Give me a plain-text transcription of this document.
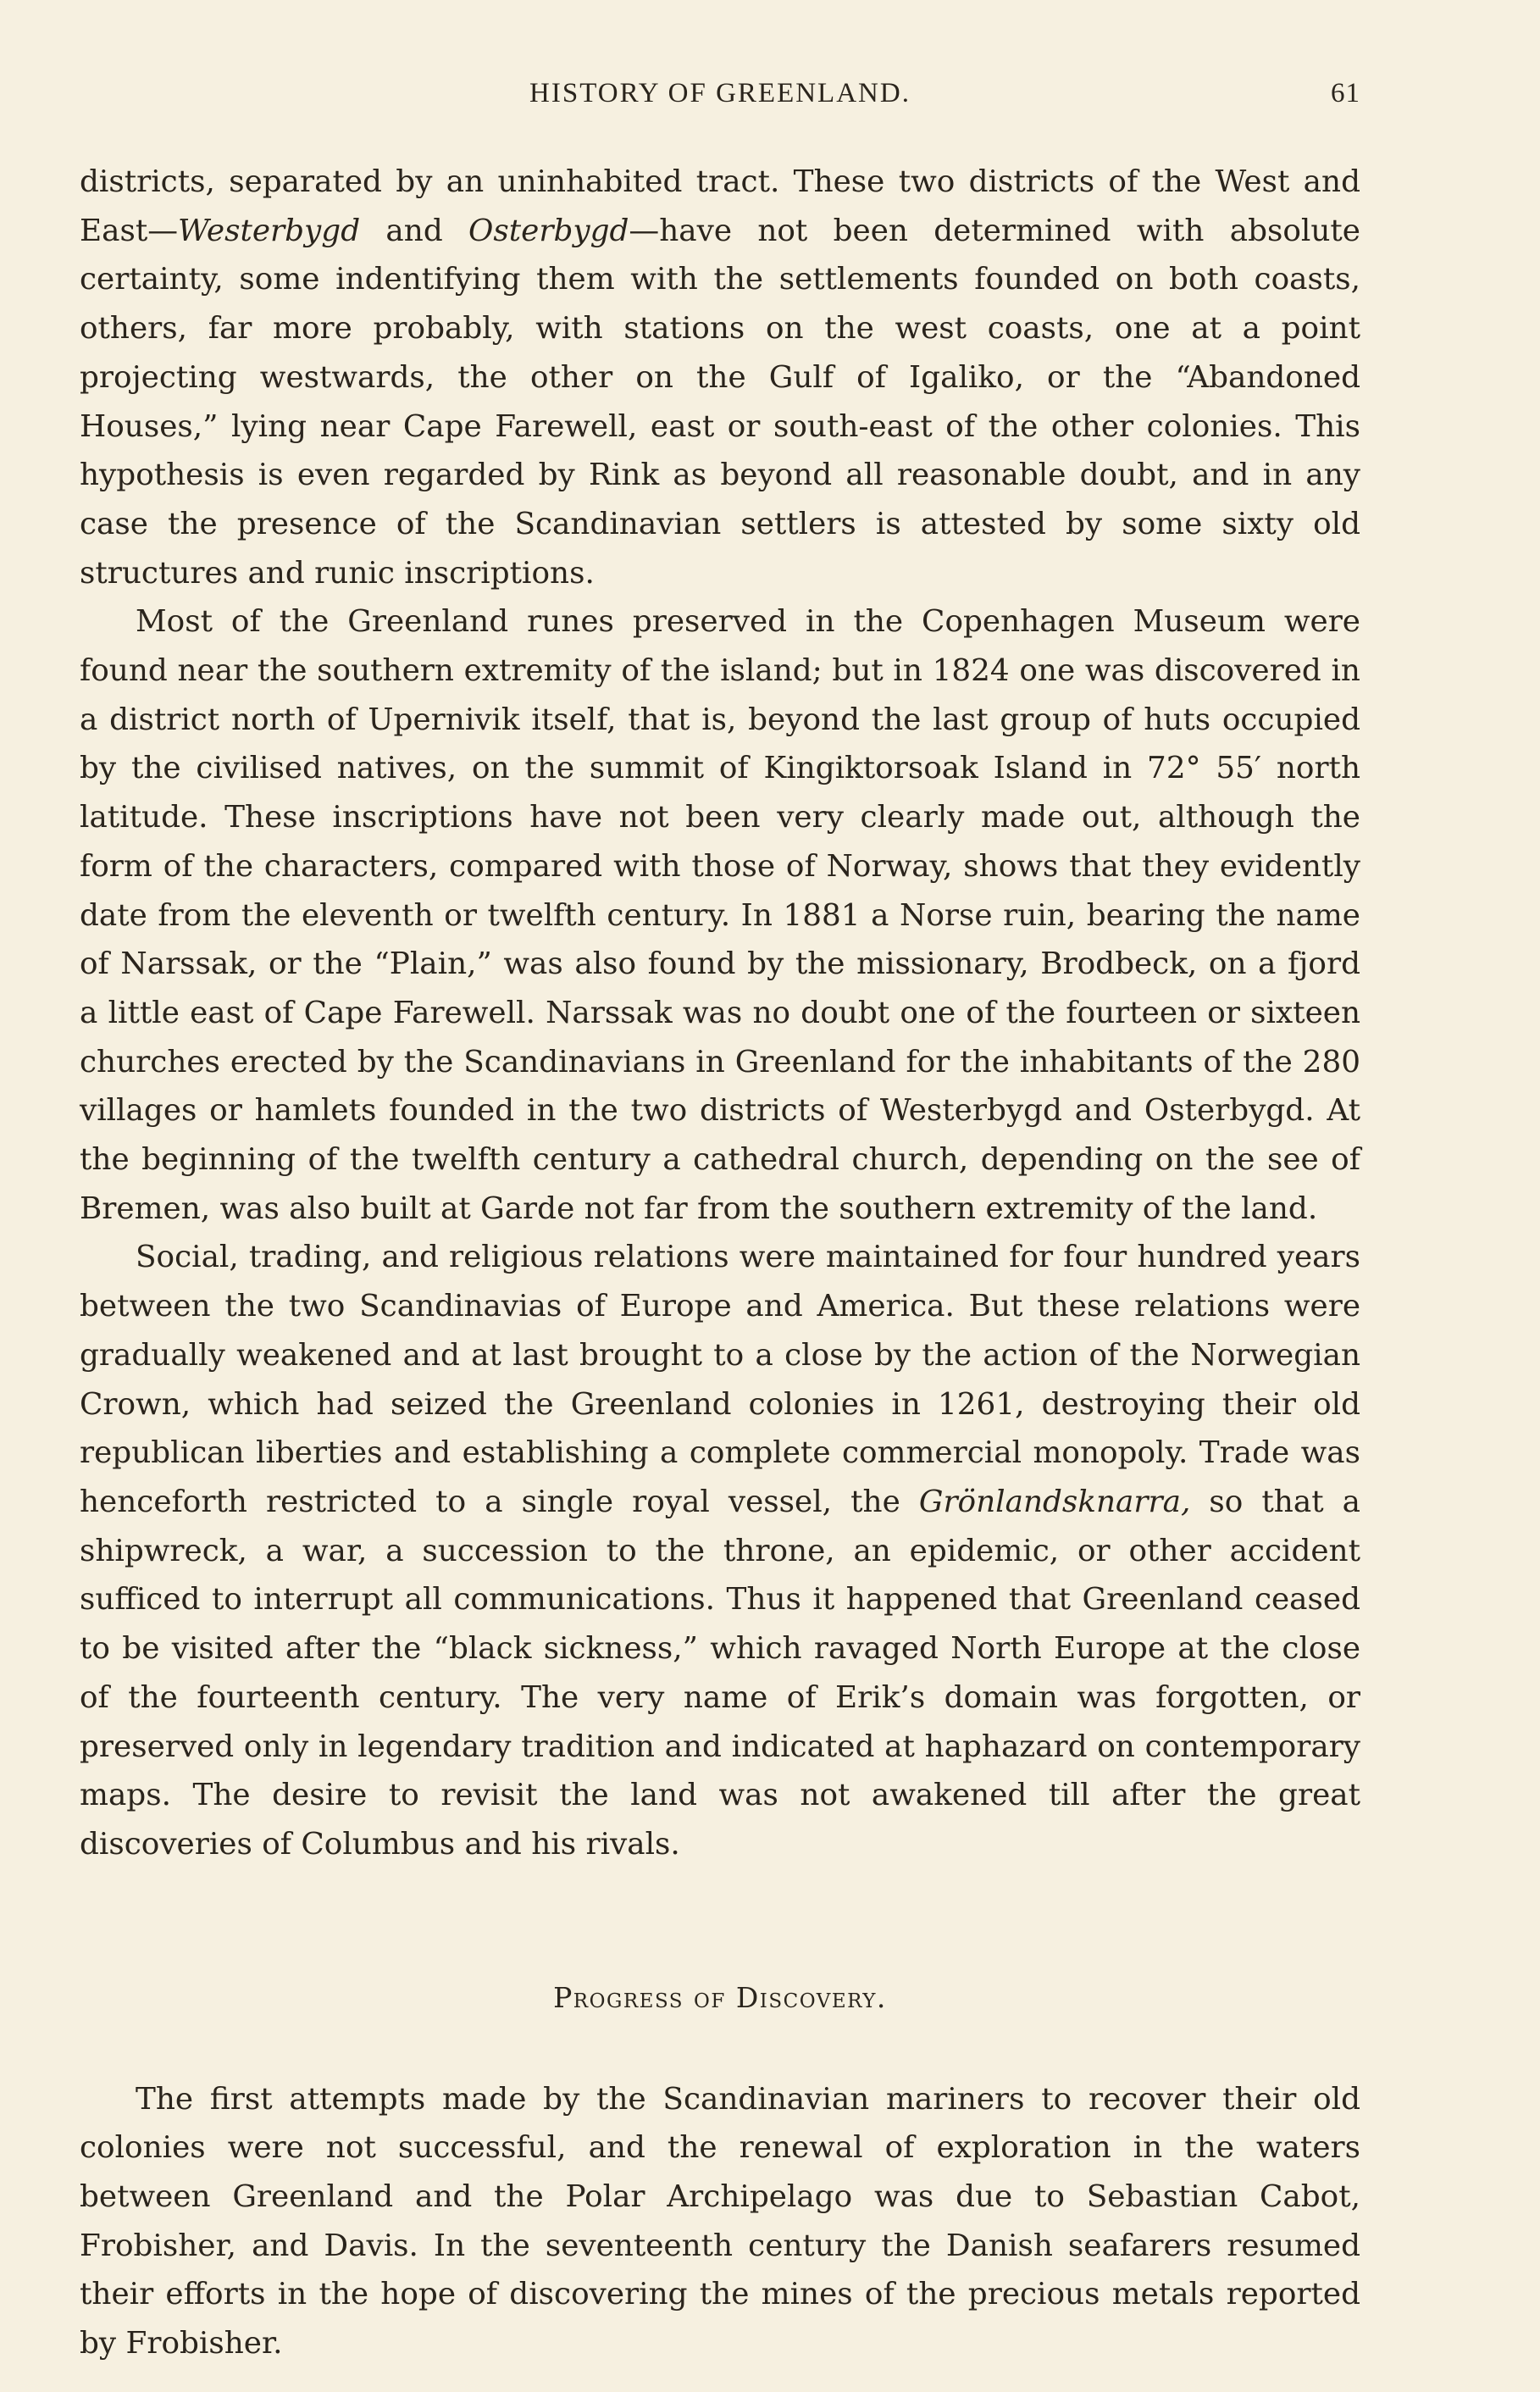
HISTORY OF GREENLAND.	61

districts, separated by an uninhabited tract. These two districts of the West and East—Westerbygd and Osterbygd—have not been determined with absolute certainty, some indentifying them with the settlements founded on both coasts, others, far more probably, with stations on the west coasts, one at a point projecting westwards, the other on the Gulf of Igaliko, or the “Abandoned Houses,” lying near Cape Farewell, east or south-east of the other colonies. This hypothesis is even regarded by Rink as beyond all reasonable doubt, and in any case the presence of the Scandinavian settlers is attested by some sixty old structures and runic inscriptions.

Most of the Greenland runes preserved in the Copenhagen Museum were found near the southern extremity of the island; but in 1824 one was discovered in a district north of Upernivik itself, that is, beyond the last group of huts occupied by the civilised natives, on the summit of Kingiktorsoak Island in 72° 55′ north latitude. These inscriptions have not been very clearly made out, although the form of the characters, compared with those of Norway, shows that they evidently date from the eleventh or twelfth century. In 1881 a Norse ruin, bearing the name of Narssak, or the “Plain,” was also found by the missionary, Brodbeck, on a fjord a little east of Cape Farewell. Narssak was no doubt one of the fourteen or sixteen churches erected by the Scandinavians in Greenland for the inhabitants of the 280 villages or hamlets founded in the two districts of Westerbygd and Osterbygd. At the beginning of the twelfth century a cathedral church, depending on the see of Bremen, was also built at Garde not far from the southern extremity of the land.

Social, trading, and religious relations were maintained for four hundred years between the two Scandinavias of Europe and America. But these relations were gradually weakened and at last brought to a close by the action of the Norwegian Crown, which had seized the Greenland colonies in 1261, destroying their old republican liberties and establishing a complete commercial monopoly. Trade was henceforth restricted to a single royal vessel, the Grönlandsknarra, so that a shipwreck, a war, a succession to the throne, an epidemic, or other accident sufficed to interrupt all communications. Thus it happened that Greenland ceased to be visited after the “black sickness,” which ravaged North Europe at the close of the fourteenth century. The very name of Erik’s domain was forgotten, or preserved only in legendary tradition and indicated at haphazard on contemporary maps. The desire to revisit the land was not awakened till after the great discoveries of Columbus and his rivals.

Progress of Discovery.

The first attempts made by the Scandinavian mariners to recover their old colonies were not successful, and the renewal of exploration in the waters between Greenland and the Polar Archipelago was due to Sebastian Cabot, Frobisher, and Davis. In the seventeenth century the Danish seafarers resumed their efforts in the hope of discovering the mines of the precious metals reported by Frobisher.
